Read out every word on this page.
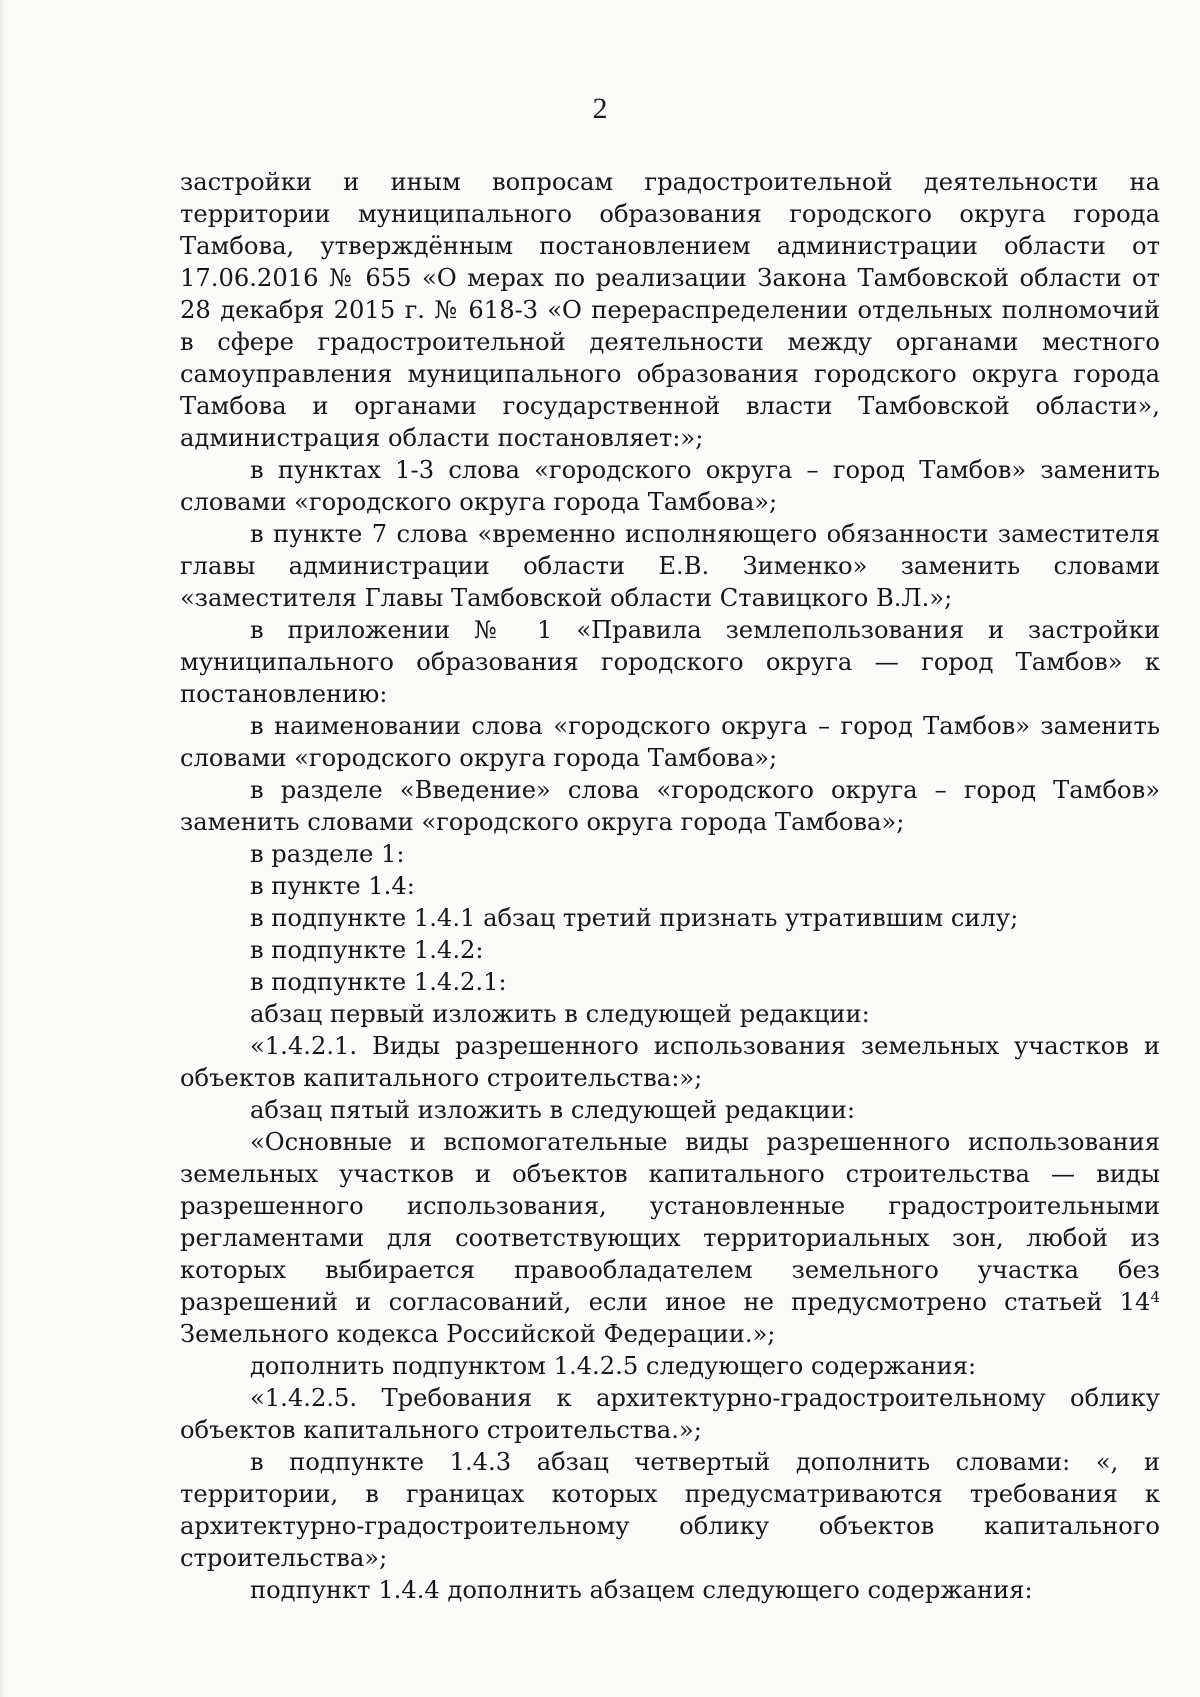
2

застройки и иным вопросам градостроительной деятельности на территории муниципального образования городского округа города Тамбова, утверждённым постановлением администрации области от 17.06.2016 № 655 «О мерах по реализации Закона Тамбовской области от 28 декабря 2015 г. № 618-З «О перераспределении отдельных полномочий в сфере градостроительной деятельности между органами местного самоуправления муниципального образования городского округа города Тамбова и органами государственной власти Тамбовской области», администрация области постановляет:»;

в пунктах 1-3 слова «городского округа – город Тамбов» заменить словами «городского округа города Тамбова»;

в пункте 7 слова «временно исполняющего обязанности заместителя главы администрации области Е.В. Зименко» заменить словами «заместителя Главы Тамбовской области Ставицкого В.Л.»;

в приложении № 1 «Правила землепользования и застройки муниципального образования городского округа — город Тамбов» к постановлению:

в наименовании слова «городского округа – город Тамбов» заменить словами «городского округа города Тамбова»;

в разделе «Введение» слова «городского округа – город Тамбов» заменить словами «городского округа города Тамбова»;

в разделе 1:

в пункте 1.4:

в подпункте 1.4.1 абзац третий признать утратившим силу;

в подпункте 1.4.2:

в подпункте 1.4.2.1:

абзац первый изложить в следующей редакции:

«1.4.2.1. Виды разрешенного использования земельных участков и объектов капитального строительства:»;

абзац пятый изложить в следующей редакции:

«Основные и вспомогательные виды разрешенного использования земельных участков и объектов капитального строительства — виды разрешенного использования, установленные градостроительными регламентами для соответствующих территориальных зон, любой из которых выбирается правообладателем земельного участка без разрешений и согласований, если иное не предусмотрено статьей $14^4$ Земельного кодекса Российской Федерации.»;

дополнить подпунктом 1.4.2.5 следующего содержания:

«1.4.2.5. Требования к архитектурно-градостроительному облику объектов капитального строительства.»;

в подпункте 1.4.3 абзац четвертый дополнить словами: «, и территории, в границах которых предусматриваются требования к архитектурно-градостроительному облику объектов капитального строительства»;

подпункт 1.4.4 дополнить абзацем следующего содержания:
